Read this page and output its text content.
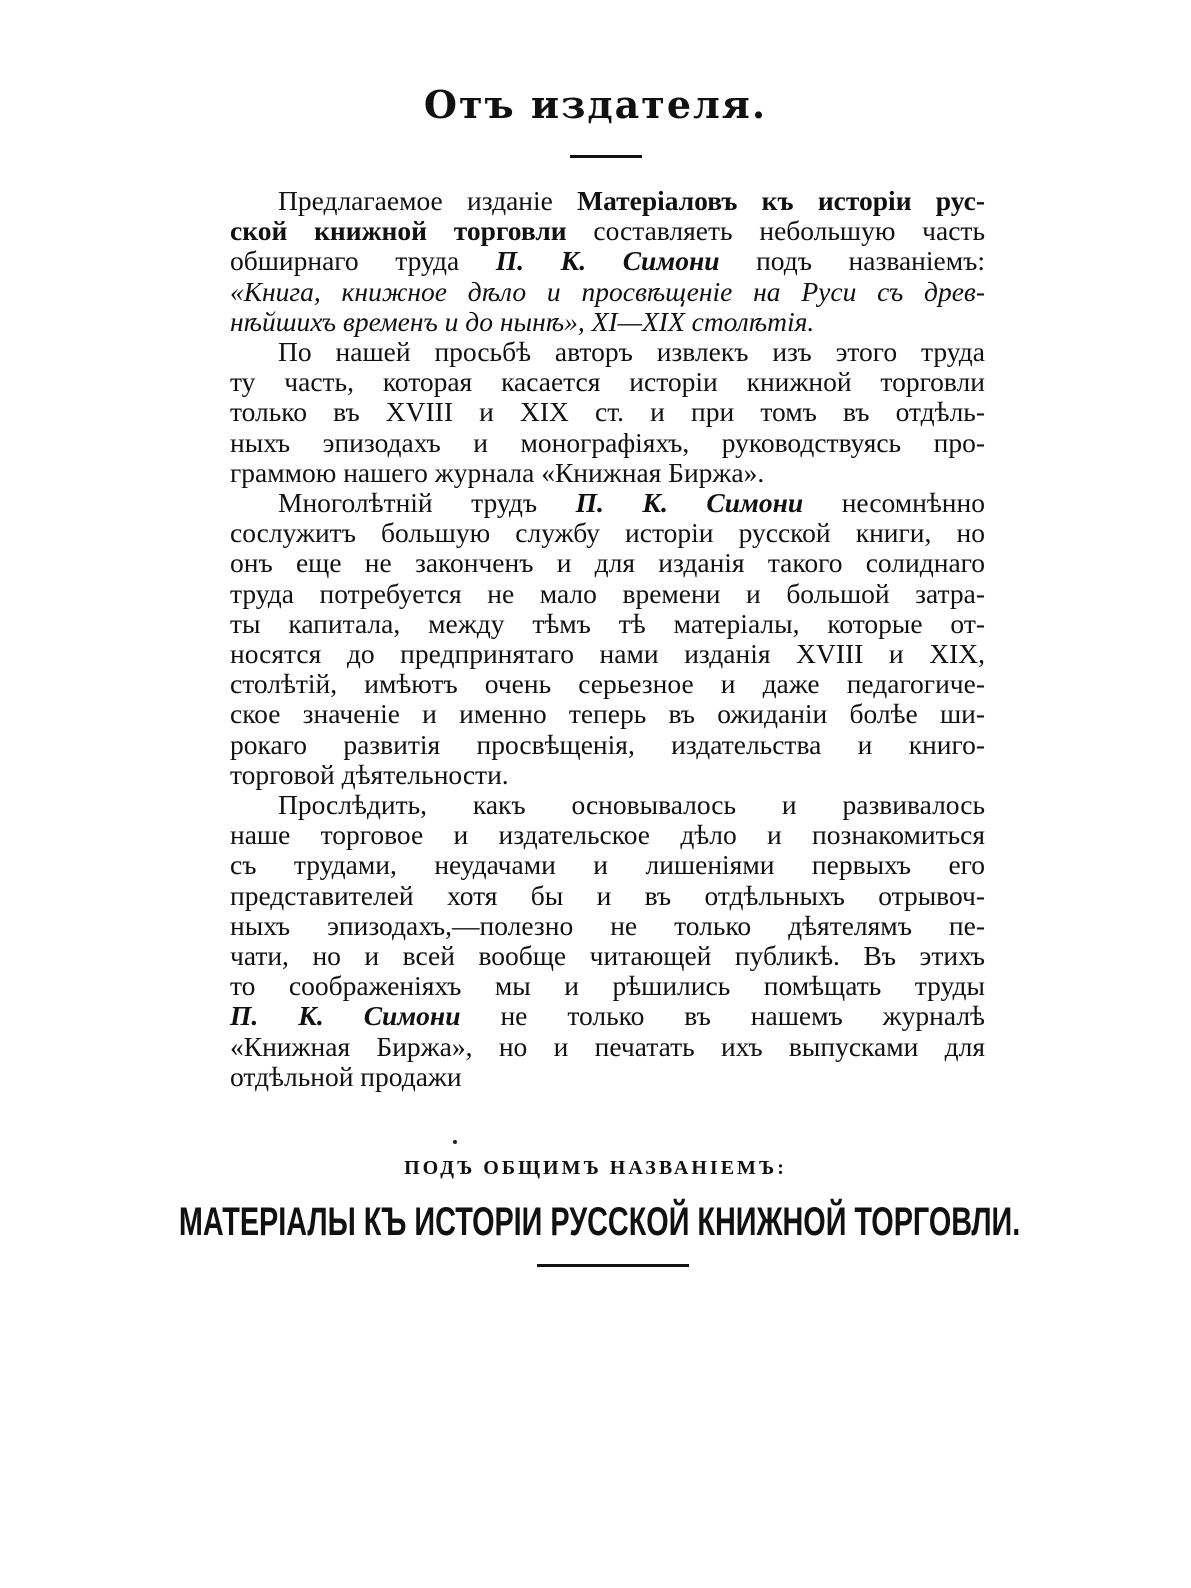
Отъ издателя.
Предлагаемое изданіе Матеріаловъ къ исторіи рус-
ской книжной торговли составляеть небольшую часть
обширнаго труда П. К. Симони подъ названіемъ:
«Книга, книжное дѣло и просвѣщеніе на Руси съ древ-
нѣйшихъ временъ и до нынѣ», XI—XIX столѣтія.
По нашей просьбѣ авторъ извлекъ изъ этого труда
ту часть, которая касается исторіи книжной торговли
только въ XVIII и XIX ст. и при томъ въ отдѣль-
ныхъ эпизодахъ и монографіяхъ, руководствуясь про-
граммою нашего журнала «Книжная Биржа».
Многолѣтній трудъ П. К. Симони несомнѣнно
сослужитъ большую службу исторіи русской книги, но
онъ еще не законченъ и для изданія такого солиднаго
труда потребуется не мало времени и большой затра-
ты капитала, между тѣмъ тѣ матеріалы, которые от-
носятся до предпринятаго нами изданія XVIII и XIX,
столѣтій, имѣютъ очень серьезное и даже педагогиче-
ское значеніе и именно теперь въ ожиданіи болѣе ши-
рокаго развитія просвѣщенія, издательства и книго-
торговой дѣятельности.
Прослѣдить, какъ основывалось и развивалось
наше торговое и издательское дѣло и познакомиться
съ трудами, неудачами и лишеніями первыхъ его
представителей хотя бы и въ отдѣльныхъ отрывоч-
ныхъ эпизодахъ,—полезно не только дѣятелямъ пе-
чати, но и всей вообще читающей публикѣ. Въ этихъ
то соображеніяхъ мы и рѣшились помѣщать труды
П. К. Симони не только въ нашемъ журналѣ
«Книжная Биржа», но и печатать ихъ выпусками для
отдѣльной продажи
ПОДЪ ОБЩИМЪ НАЗВАНІЕМЪ:
МАТЕРІАЛЫ КЪ ИСТОРІИ РУССКОЙ КНИЖНОЙ ТОРГОВЛИ.
